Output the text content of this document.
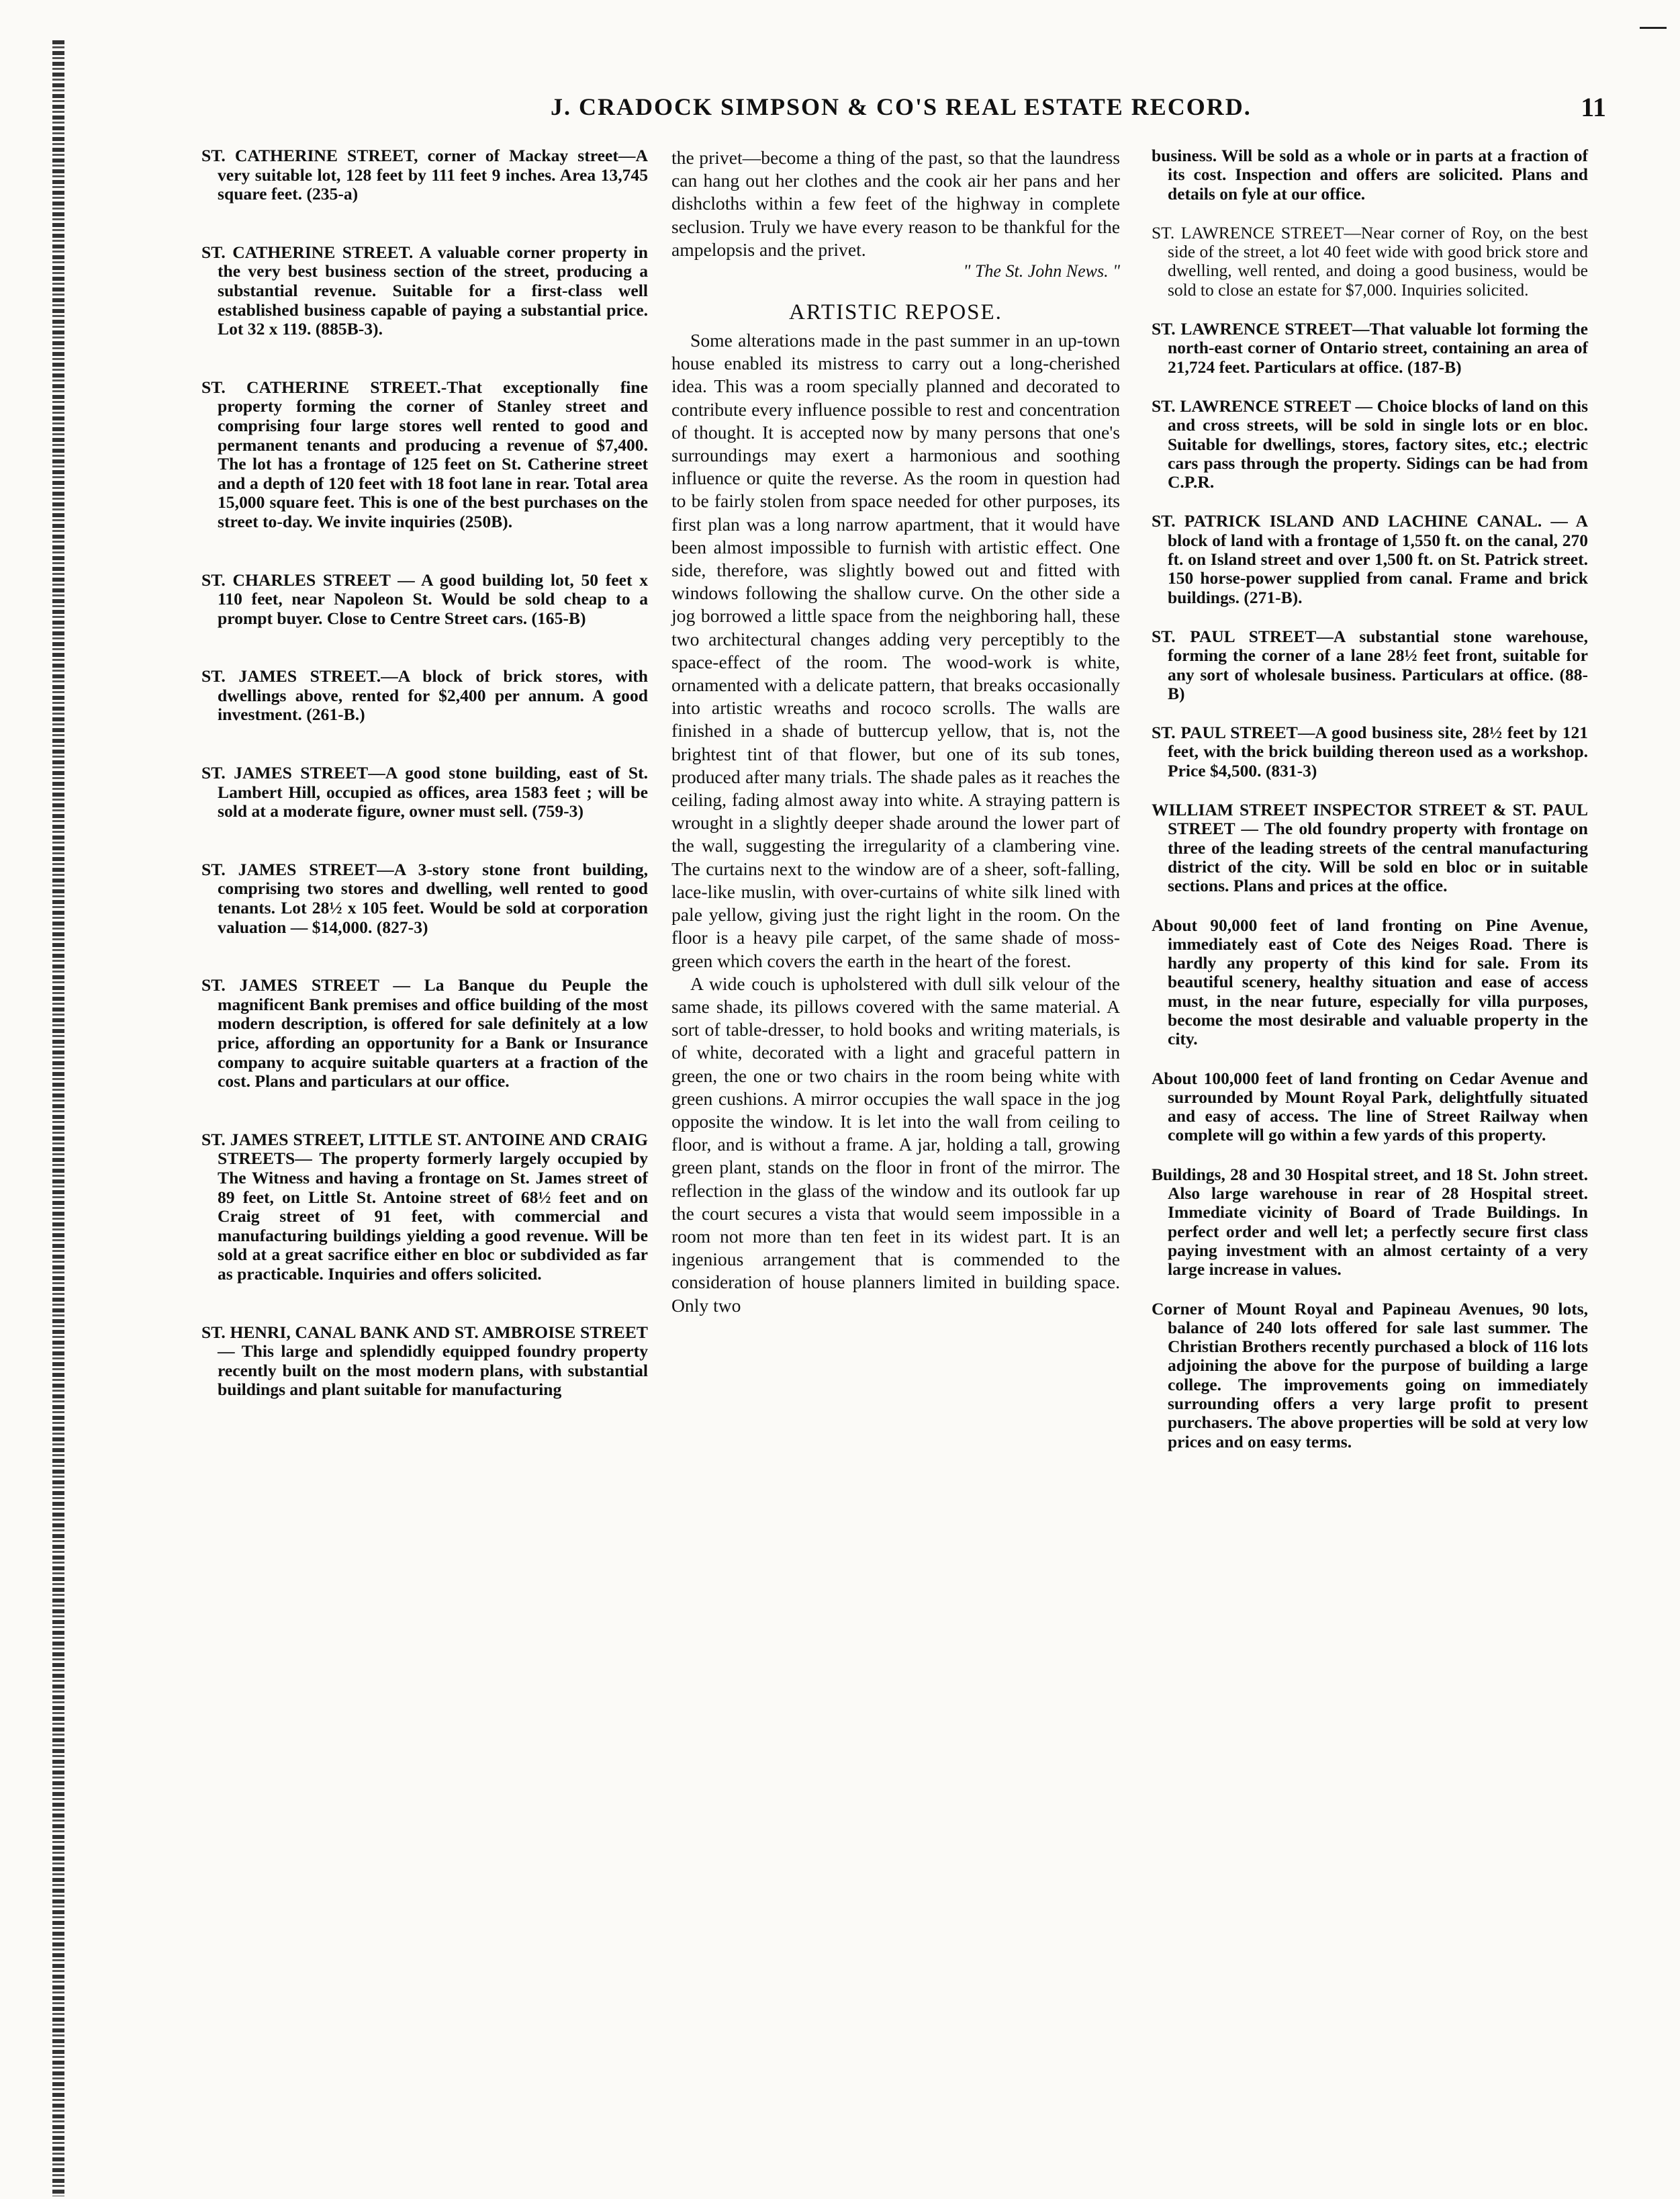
J. CRADOCK SIMPSON & CO'S REAL ESTATE RECORD.	11

ST. CATHERINE STREET, corner of Mackay street—A very suitable lot, 128 feet by 111 feet 9 inches. Area 13,745 square feet. (235-a)

ST. CATHERINE STREET. A valuable corner property in the very best business section of the street, producing a substantial revenue. Suitable for a first-class well established business capable of paying a substantial price. Lot 32 x 119. (885B-3).

ST. CATHERINE STREET.-That exceptionally fine property forming the corner of Stanley street and comprising four large stores well rented to good and permanent tenants and producing a revenue of $7,400. The lot has a frontage of 125 feet on St. Catherine street and a depth of 120 feet with 18 foot lane in rear. Total area 15,000 square feet. This is one of the best purchases on the street to-day. We invite inquiries (250B).

ST. CHARLES STREET — A good building lot, 50 feet x 110 feet, near Napoleon St. Would be sold cheap to a prompt buyer. Close to Centre Street cars. (165-B)

ST. JAMES STREET.—A block of brick stores, with dwellings above, rented for $2,400 per annum. A good investment. (261-B.)

ST. JAMES STREET—A good stone building, east of St. Lambert Hill, occupied as offices, area 1583 feet ; will be sold at a moderate figure, owner must sell. (759-3)

ST. JAMES STREET—A 3-story stone front building, comprising two stores and dwelling, well rented to good tenants. Lot 28½ x 105 feet. Would be sold at corporation valuation — $14,000. (827-3)

ST. JAMES STREET — La Banque du Peuple the magnificent Bank premises and office building of the most modern description, is offered for sale definitely at a low price, affording an opportunity for a Bank or Insurance company to acquire suitable quarters at a fraction of the cost. Plans and particulars at our office.

ST. JAMES STREET, LITTLE ST. ANTOINE AND CRAIG STREETS— The property formerly largely occupied by The Witness and having a frontage on St. James street of 89 feet, on Little St. Antoine street of 68½ feet and on Craig street of 91 feet, with commercial and manufacturing buildings yielding a good revenue. Will be sold at a great sacrifice either en bloc or subdivided as far as practicable. Inquiries and offers solicited.

ST. HENRI, CANAL BANK AND ST. AMBROISE STREET — This large and splendidly equipped foundry property recently built on the most modern plans, with substantial buildings and plant suitable for manufacturing

the privet—become a thing of the past, so that the laundress can hang out her clothes and the cook air her pans and her dishcloths within a few feet of the highway in complete seclusion. Truly we have every reason to be thankful for the ampelopsis and the privet.

" The St. John News. "

ARTISTIC REPOSE.

Some alterations made in the past summer in an up-town house enabled its mistress to carry out a long-cherished idea. This was a room specially planned and decorated to contribute every influence possible to rest and concentration of thought. It is accepted now by many persons that one's surroundings may exert a harmonious and soothing influence or quite the reverse. As the room in question had to be fairly stolen from space needed for other purposes, its first plan was a long narrow apartment, that it would have been almost impossible to furnish with artistic effect. One side, therefore, was slightly bowed out and fitted with windows following the shallow curve. On the other side a jog borrowed a little space from the neighboring hall, these two architectural changes adding very perceptibly to the space-effect of the room. The wood-work is white, ornamented with a delicate pattern, that breaks occasionally into artistic wreaths and rococo scrolls. The walls are finished in a shade of buttercup yellow, that is, not the brightest tint of that flower, but one of its sub tones, produced after many trials. The shade pales as it reaches the ceiling, fading almost away into white. A straying pattern is wrought in a slightly deeper shade around the lower part of the wall, suggesting the irregularity of a clambering vine. The curtains next to the window are of a sheer, soft-falling, lace-like muslin, with over-curtains of white silk lined with pale yellow, giving just the right light in the room. On the floor is a heavy pile carpet, of the same shade of moss-green which covers the earth in the heart of the forest.

A wide couch is upholstered with dull silk velour of the same shade, its pillows covered with the same material. A sort of table-dresser, to hold books and writing materials, is of white, decorated with a light and graceful pattern in green, the one or two chairs in the room being white with green cushions. A mirror occupies the wall space in the jog opposite the window. It is let into the wall from ceiling to floor, and is without a frame. A jar, holding a tall, growing green plant, stands on the floor in front of the mirror. The reflection in the glass of the window and its outlook far up the court secures a vista that would seem impossible in a room not more than ten feet in its widest part. It is an ingenious arrangement that is commended to the consideration of house planners limited in building space. Only two

business. Will be sold as a whole or in parts at a fraction of its cost. Inspection and offers are solicited. Plans and details on fyle at our office.

ST. LAWRENCE STREET—Near corner of Roy, on the best side of the street, a lot 40 feet wide with good brick store and dwelling, well rented, and doing a good business, would be sold to close an estate for $7,000. Inquiries solicited.

ST. LAWRENCE STREET—That valuable lot forming the north-east corner of Ontario street, containing an area of 21,724 feet. Particulars at office. (187-B)

ST. LAWRENCE STREET — Choice blocks of land on this and cross streets, will be sold in single lots or en bloc. Suitable for dwellings, stores, factory sites, etc.; electric cars pass through the property. Sidings can be had from C.P.R.

ST. PATRICK ISLAND AND LACHINE CANAL. — A block of land with a frontage of 1,550 ft. on the canal, 270 ft. on Island street and over 1,500 ft. on St. Patrick street. 150 horse-power supplied from canal. Frame and brick buildings. (271-B).

ST. PAUL STREET—A substantial stone warehouse, forming the corner of a lane 28½ feet front, suitable for any sort of wholesale business. Particulars at office. (88-B)

ST. PAUL STREET—A good business site, 28½ feet by 121 feet, with the brick building thereon used as a workshop. Price $4,500. (831-3)

WILLIAM STREET INSPECTOR STREET & ST. PAUL STREET — The old foundry property with frontage on three of the leading streets of the central manufacturing district of the city. Will be sold en bloc or in suitable sections. Plans and prices at the office.

About 90,000 feet of land fronting on Pine Avenue, immediately east of Cote des Neiges Road. There is hardly any property of this kind for sale. From its beautiful scenery, healthy situation and ease of access must, in the near future, especially for villa purposes, become the most desirable and valuable property in the city.

About 100,000 feet of land fronting on Cedar Avenue and surrounded by Mount Royal Park, delightfully situated and easy of access. The line of Street Railway when complete will go within a few yards of this property.

Buildings, 28 and 30 Hospital street, and 18 St. John street. Also large warehouse in rear of 28 Hospital street. Immediate vicinity of Board of Trade Buildings. In perfect order and well let; a perfectly secure first class paying investment with an almost certainty of a very large increase in values.

Corner of Mount Royal and Papineau Avenues, 90 lots, balance of 240 lots offered for sale last summer. The Christian Brothers recently purchased a block of 116 lots adjoining the above for the purpose of building a large college. The improvements going on immediately surrounding offers a very large profit to present purchasers. The above properties will be sold at very low prices and on easy terms.
